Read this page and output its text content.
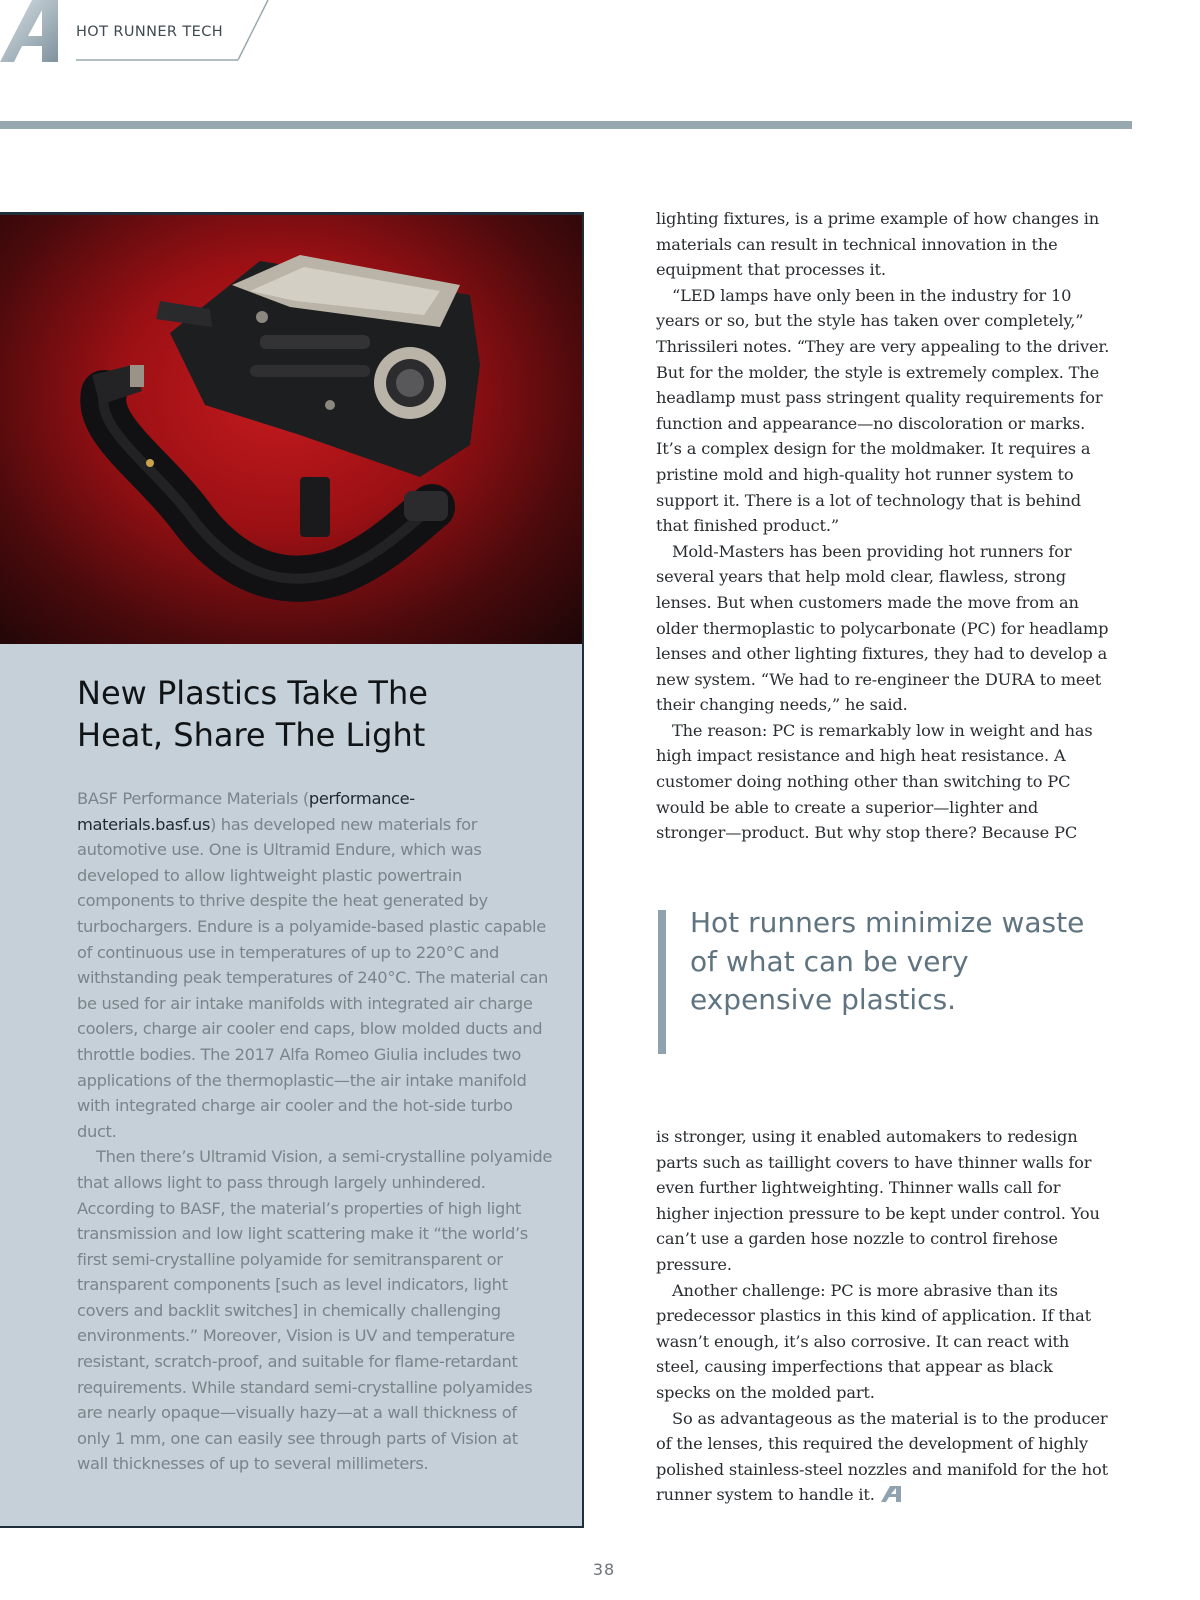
HOT RUNNER TECH
New Plastics Take The
Heat, Share The Light

BASF Performance Materials (performance-materials.basf.us) has developed new materials for automotive use. One is Ultramid Endure, which was developed to allow lightweight plastic powertrain components to thrive despite the heat generated by turbochargers. Endure is a polyamide-based plastic capable of continuous use in temperatures of up to 220°C and withstanding peak temperatures of 240°C. The material can be used for air intake manifolds with integrated air charge coolers, charge air cooler end caps, blow molded ducts and throttle bodies. The 2017 Alfa Romeo Giulia includes two applications of the thermoplastic—the air intake manifold with integrated charge air cooler and the hot-side turbo duct.

Then there’s Ultramid Vision, a semi-crystalline polyamide that allows light to pass through largely unhindered. According to BASF, the material’s properties of high light transmission and low light scattering make it “the world’s first semi-crystalline polyamide for semitransparent or transparent components [such as level indicators, light covers and backlit switches] in chemically challenging environments.” Moreover, Vision is UV and temperature resistant, scratch-proof, and suitable for flame-retardant requirements. While standard semi-crystalline polyamides are nearly opaque—visually hazy—at a wall thickness of only 1 mm, one can easily see through parts of Vision at wall thicknesses of up to several millimeters.

lighting fixtures, is a prime example of how changes in materials can result in technical innovation in the equipment that processes it.

“LED lamps have only been in the industry for 10 years or so, but the style has taken over completely,” Thrissileri notes. “They are very appealing to the driver. But for the molder, the style is extremely complex. The headlamp must pass stringent quality requirements for function and appearance—no discoloration or marks. It’s a complex design for the moldmaker. It requires a pristine mold and high-quality hot runner system to support it. There is a lot of technology that is behind that finished product.”

Mold-Masters has been providing hot runners for several years that help mold clear, flawless, strong lenses. But when customers made the move from an older thermoplastic to polycarbonate (PC) for headlamp lenses and other lighting fixtures, they had to develop a new system. “We had to re-engineer the DURA to meet their changing needs,” he said.

The reason: PC is remarkably low in weight and has high impact resistance and high heat resistance. A customer doing nothing other than switching to PC would be able to create a superior—lighter and stronger—product. But why stop there? Because PC

Hot runners minimize waste of what can be very expensive plastics.

is stronger, using it enabled automakers to redesign parts such as taillight covers to have thinner walls for even further lightweighting. Thinner walls call for higher injection pressure to be kept under control. You can’t use a garden hose nozzle to control firehose pressure.

Another challenge: PC is more abrasive than its predecessor plastics in this kind of application. If that wasn’t enough, it’s also corrosive. It can react with steel, causing imperfections that appear as black specks on the molded part.

So as advantageous as the material is to the producer of the lenses, this required the development of highly polished stainless-steel nozzles and manifold for the hot runner system to handle it.

38
